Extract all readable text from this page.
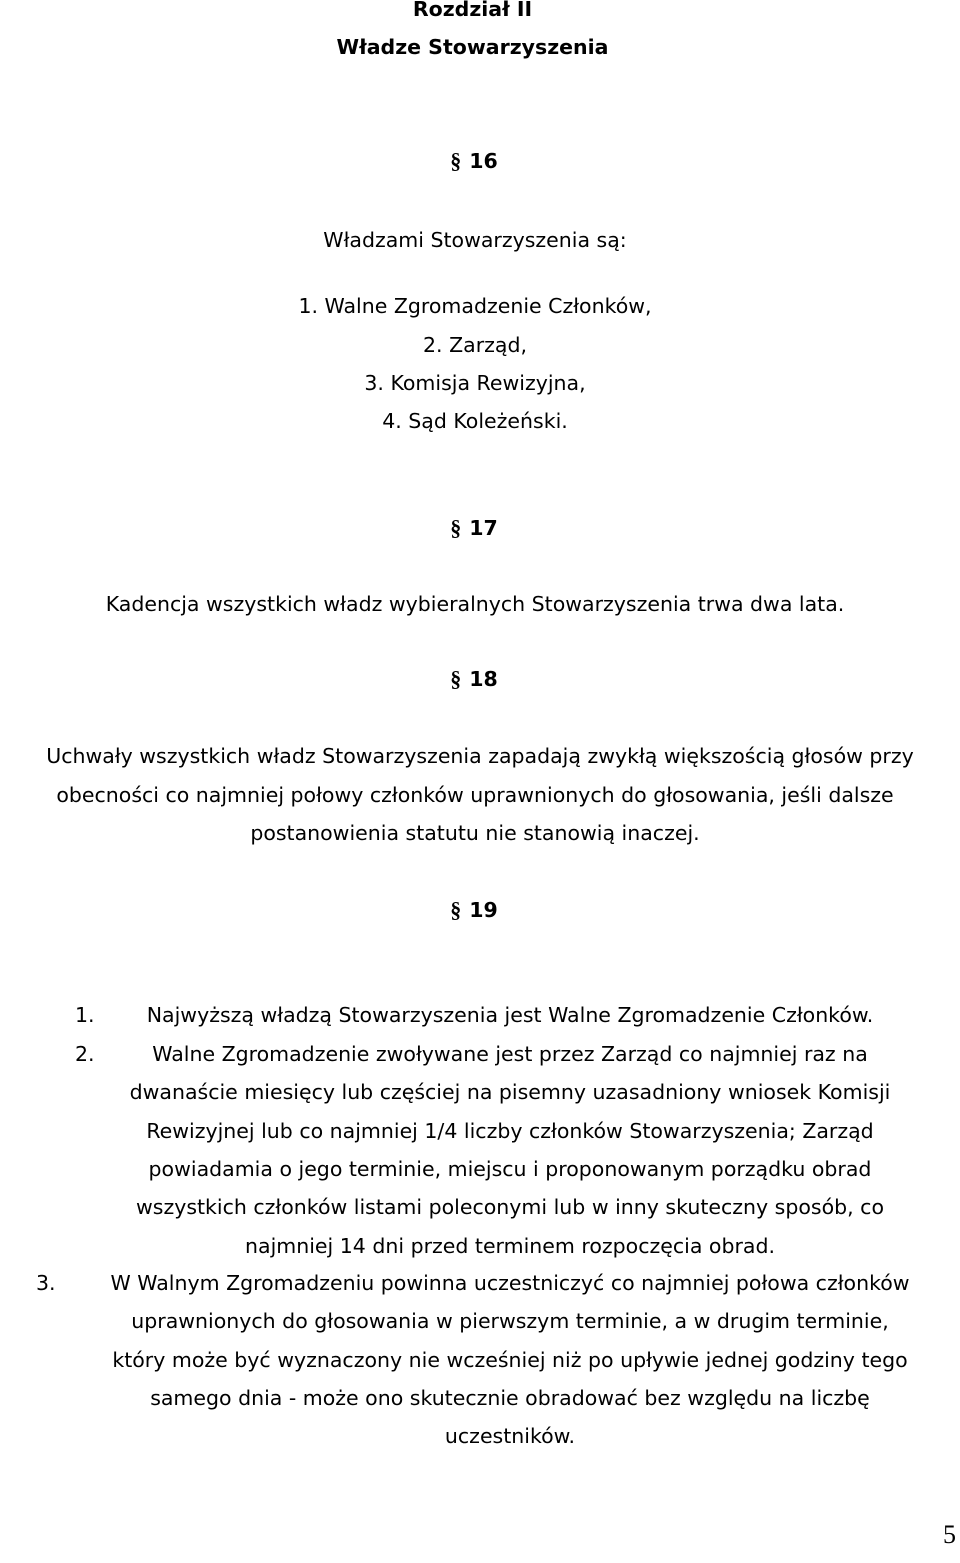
Rozdział II
Władze Stowarzyszenia
§ 16
Władzami Stowarzyszenia są:
1. Walne Zgromadzenie Członków,
2. Zarząd,
3. Komisja Rewizyjna,
4. Sąd Koleżeński.
§ 17
Kadencja wszystkich władz wybieralnych Stowarzyszenia trwa dwa lata.
§ 18
Uchwały wszystkich władz Stowarzyszenia zapadają zwykłą większością głosów przy
obecności co najmniej połowy członków uprawnionych do głosowania, jeśli dalsze
postanowienia statutu nie stanowią inaczej.
§ 19
1.	Najwyższą władzą Stowarzyszenia jest Walne Zgromadzenie Członków.
2.	Walne Zgromadzenie zwoływane jest przez Zarząd co najmniej raz na
dwanaście miesięcy lub częściej na pisemny uzasadniony wniosek Komisji
Rewizyjnej lub co najmniej 1/4 liczby członków Stowarzyszenia; Zarząd
powiadamia o jego terminie, miejscu i proponowanym porządku obrad
wszystkich członków listami poleconymi lub w inny skuteczny sposób, co
najmniej 14 dni przed terminem rozpoczęcia obrad.
3.	W Walnym Zgromadzeniu powinna uczestniczyć co najmniej połowa członków
uprawnionych do głosowania w pierwszym terminie, a w drugim terminie,
który może być wyznaczony nie wcześniej niż po upływie jednej godziny tego
samego dnia - może ono skutecznie obradować bez względu na liczbę
uczestników.
5
